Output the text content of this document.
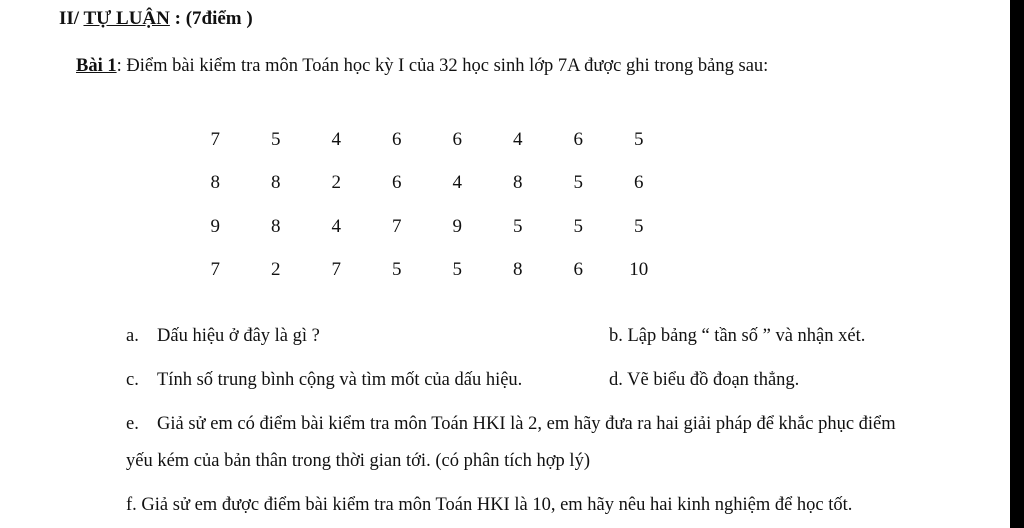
II/ TỰ LUẬN : (7điểm )
Bài 1: Điểm bài kiểm tra môn Toán học kỳ I của 32 học sinh lớp 7A được ghi trong bảng sau:
7	5	4	6	6	4	6	5
8	8	2	6	4	8	5	6
9	8	4	7	9	5	5	5
7	2	7	5	5	8	6	10
a. Dấu hiệu ở đây là gì ?	b. Lập bảng “ tần số ” và nhận xét.
c. Tính số trung bình cộng và tìm mốt của dấu hiệu.	d. Vẽ biểu đồ đoạn thẳng.
e. Giả sử em có điểm bài kiểm tra môn Toán HKI là 2, em hãy đưa ra hai giải pháp để khắc phục điểm
yếu kém của bản thân trong thời gian tới. (có phân tích hợp lý)
f. Giả sử em được điểm bài kiểm tra môn Toán HKI là 10, em hãy nêu hai kinh nghiệm để học tốt.
